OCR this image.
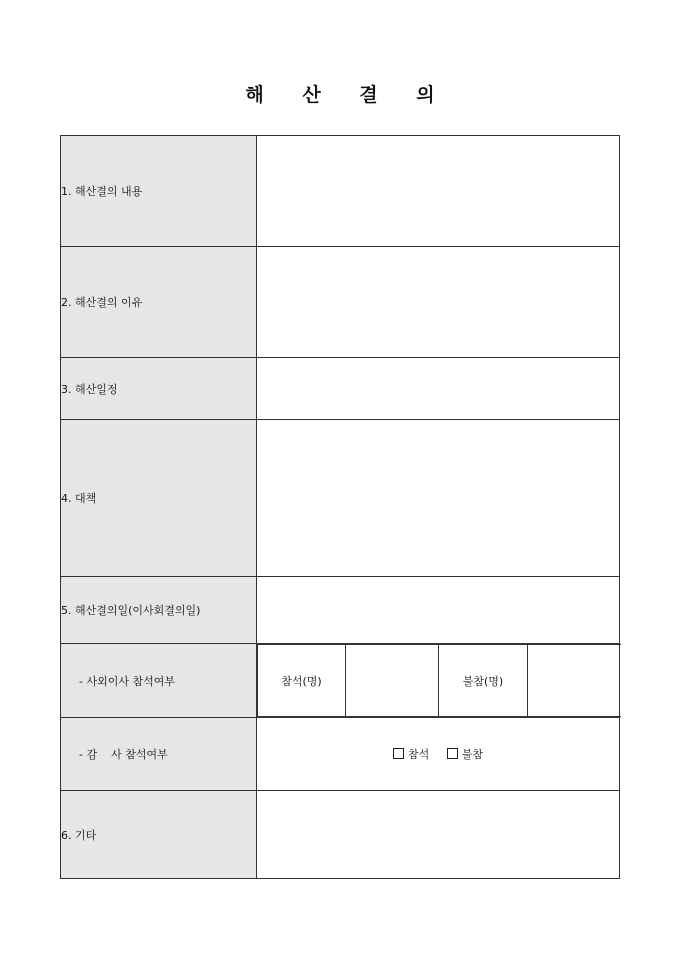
해 산 결 의
1. 해산결의 내용	
2. 해산결의 이유	
3. 해산일정	
4. 대책	
5. 해산결의일(이사회결의일)	
- 사외이사 참석여부		참석(명)		불참(명)	

- 감    사 참석여부	참석	불참
6. 기타	
